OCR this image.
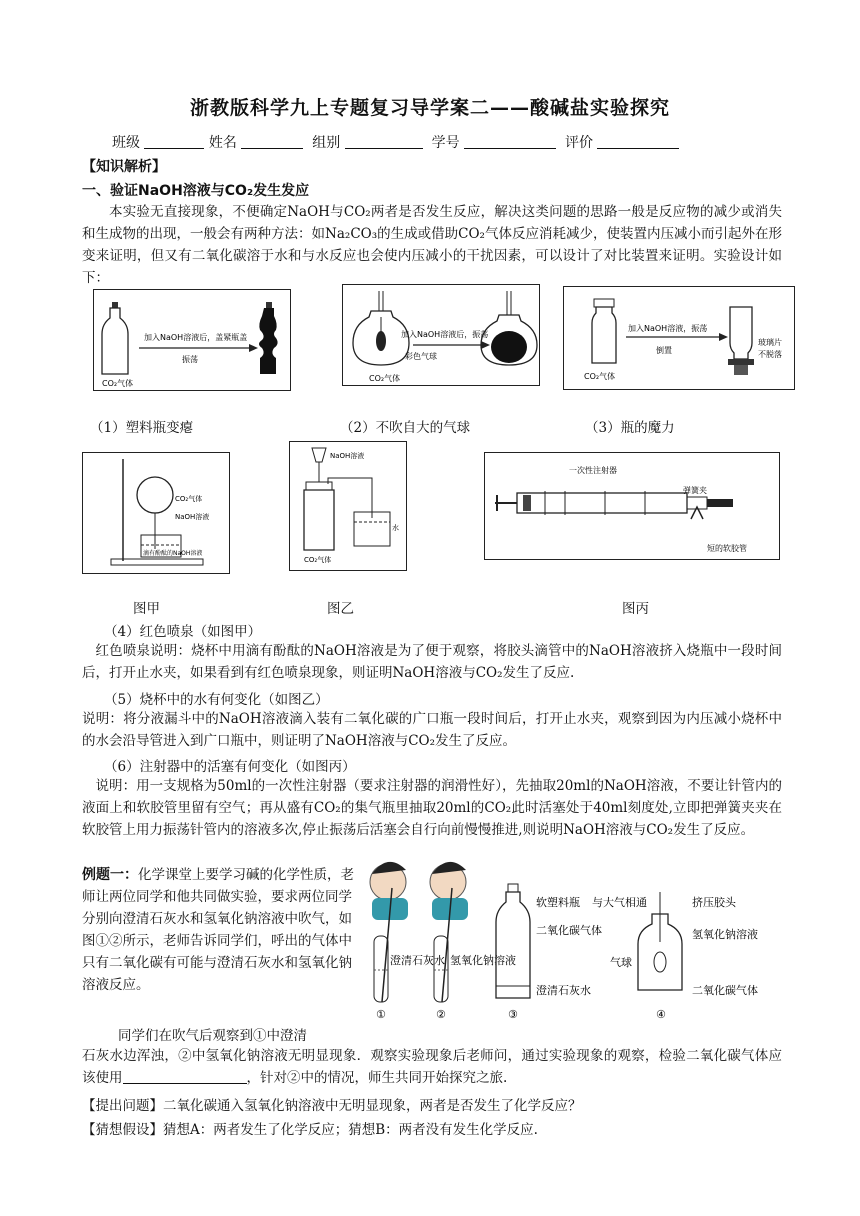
浙教版科学九上专题复习导学案二——酸碱盐实验探究
班级	姓名	组别	学号	评价
【知识解析】
一、验证NaOH溶液与CO₂发生发应
本实验无直接现象，不便确定NaOH与CO₂两者是否发生反应，解决这类问题的思路一般是反应物的减少或消失和生成物的出现，一般会有两种方法：如Na₂CO₃的生成或借助CO₂气体反应消耗减少，使装置内压减小而引起外在形变来证明，但又有二氧化碳溶于水和与水反应也会使内压减小的干扰因素，可以设计了对比装置来证明。实验设计如下：
加入NaOH溶液后，盖紧瓶盖
振荡
CO₂气体
（1）塑料瓶变瘪
加入NaOH溶液后，振荡
彩色气球
CO₂气体
（2）不吹自大的气球
加入NaOH溶液，振荡
倒置
CO₂气体
玻璃片
不脱落
（3）瓶的魔力
CO₂气体
NaOH溶液
滴有酚酞的NaOH溶液
图甲
NaOH溶液
水
CO₂气体
图乙
一次性注射器
弹簧夹
短的软胶管
图丙
（4）红色喷泉（如图甲）
红色喷泉说明：烧杯中用滴有酚酞的NaOH溶液是为了便于观察，将胶头滴管中的NaOH溶液挤入烧瓶中一段时间后，打开止水夹，如果看到有红色喷泉现象，则证明NaOH溶液与CO₂发生了反应.
（5）烧杯中的水有何变化（如图乙）
说明：将分液漏斗中的NaOH溶液滴入装有二氧化碳的广口瓶一段时间后，打开止水夹，观察到因为内压减小烧杯中的水会沿导管进入到广口瓶中，则证明了NaOH溶液与CO₂发生了反应。
（6）注射器中的活塞有何变化（如图丙）
说明：用一支规格为50ml的一次性注射器（要求注射器的润滑性好），先抽取20ml的NaOH溶液，不要让针管内的液面上和软胶管里留有空气；再从盛有CO₂的集气瓶里抽取20ml的CO₂此时活塞处于40ml刻度处,立即把弹簧夹夹在软胶管上用力振荡针管内的溶液多次,停止振荡后活塞会自行向前慢慢推进,则说明NaOH溶液与CO₂发生了反应。
例题一：化学课堂上要学习碱的化学性质，老师让两位同学和他共同做实验，要求两位同学分别向澄清石灰水和氢氧化钠溶液中吹气，如图①②所示，老师告诉同学们，呼出的气体中只有二氧化碳有可能与澄清石灰水和氢氧化钠溶液反应。
同学们在吹气后观察到①中澄清
澄清石灰水
①
氢氧化钠溶液
②
软塑料瓶
二氧化碳气体
澄清石灰水
③
与大气相通	挤压胶头
氢氧化钠溶液
气球
二氧化碳气体
④
石灰水边浑浊，②中氢氧化钠溶液无明显现象．观察实验现象后老师问，通过实验现象的观察，检验二氧化碳气体应该使用	，针对②中的情况，师生共同开始探究之旅.
【提出问题】二氧化碳通入氢氧化钠溶液中无明显现象，两者是否发生了化学反应？
【猜想假设】猜想A：两者发生了化学反应；猜想B：两者没有发生化学反应.
